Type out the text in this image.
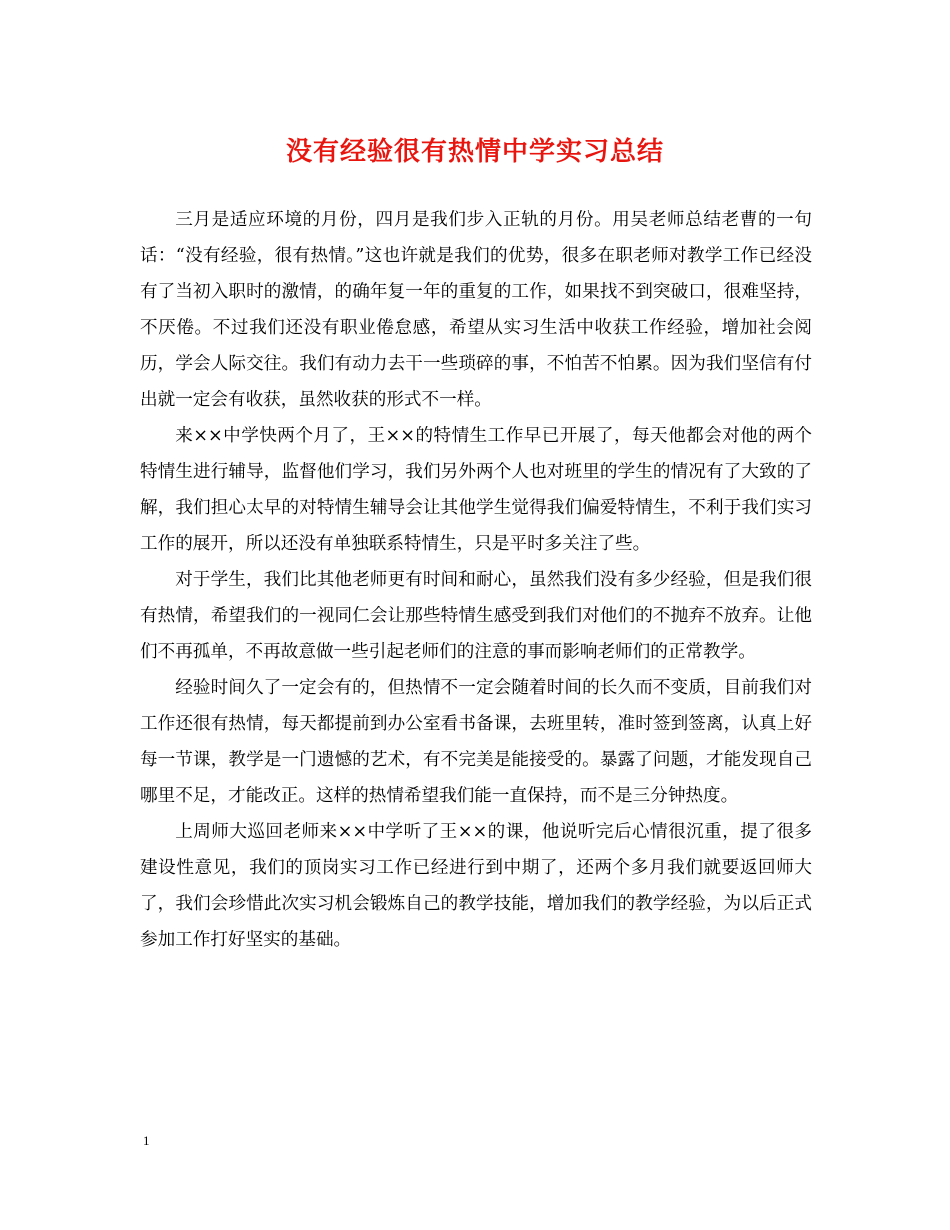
没有经验很有热情中学实习总结

三月是适应环境的月份，四月是我们步入正轨的月份。用吴老师总结老曹的一句话：“没有经验，很有热情。”这也许就是我们的优势，很多在职老师对教学工作已经没有了当初入职时的激情，的确年复一年的重复的工作，如果找不到突破口，很难坚持，不厌倦。不过我们还没有职业倦怠感，希望从实习生活中收获工作经验，增加社会阅历，学会人际交往。我们有动力去干一些琐碎的事，不怕苦不怕累。因为我们坚信有付出就一定会有收获，虽然收获的形式不一样。

来××中学快两个月了，王××的特情生工作早已开展了，每天他都会对他的两个特情生进行辅导，监督他们学习，我们另外两个人也对班里的学生的情况有了大致的了解，我们担心太早的对特情生辅导会让其他学生觉得我们偏爱特情生，不利于我们实习工作的展开，所以还没有单独联系特情生，只是平时多关注了些。

对于学生，我们比其他老师更有时间和耐心，虽然我们没有多少经验，但是我们很有热情，希望我们的一视同仁会让那些特情生感受到我们对他们的不抛弃不放弃。让他们不再孤单，不再故意做一些引起老师们的注意的事而影响老师们的正常教学。

经验时间久了一定会有的，但热情不一定会随着时间的长久而不变质，目前我们对工作还很有热情，每天都提前到办公室看书备课，去班里转，准时签到签离，认真上好每一节课，教学是一门遗憾的艺术，有不完美是能接受的。暴露了问题，才能发现自己哪里不足，才能改正。这样的热情希望我们能一直保持，而不是三分钟热度。

上周师大巡回老师来××中学听了王××的课，他说听完后心情很沉重，提了很多建设性意见，我们的顶岗实习工作已经进行到中期了，还两个多月我们就要返回师大了，我们会珍惜此次实习机会锻炼自己的教学技能，增加我们的教学经验，为以后正式参加工作打好坚实的基础。

1
